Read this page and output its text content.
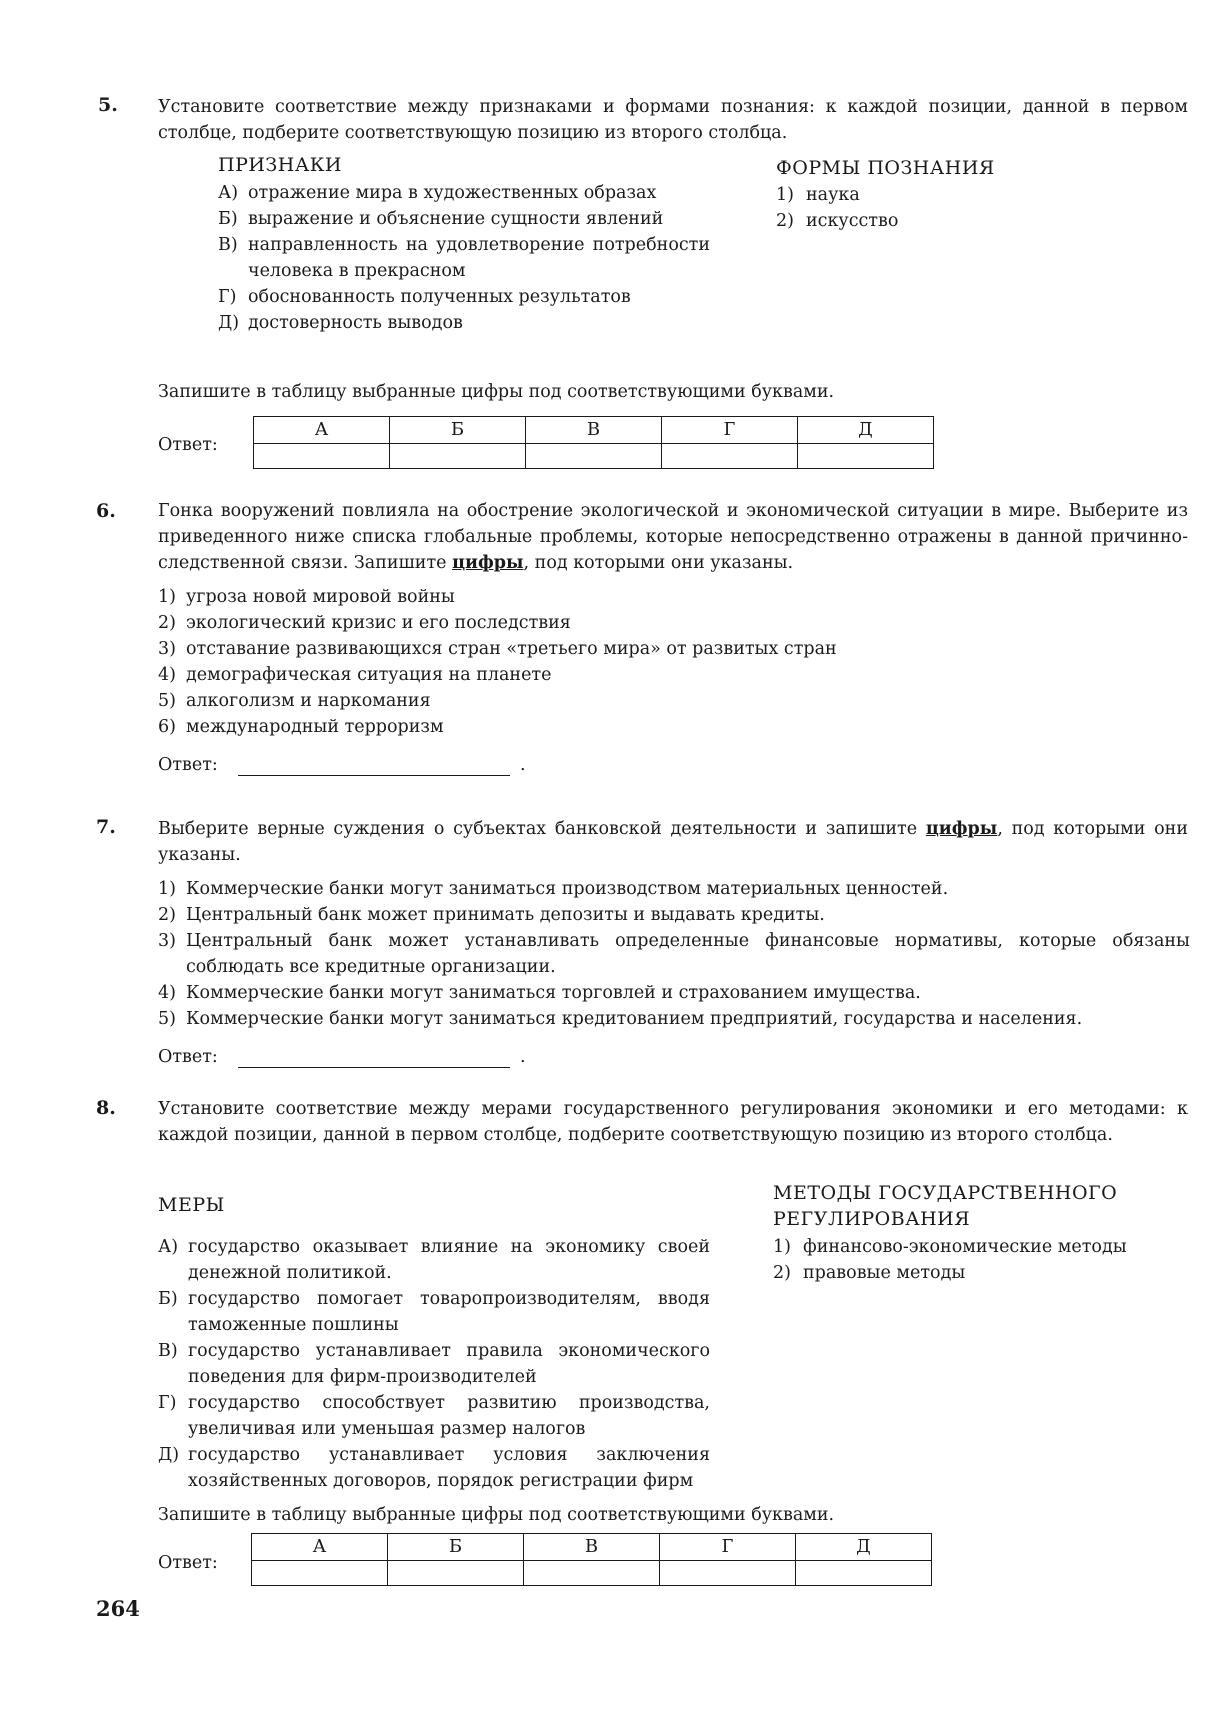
5. Установите соответствие между признаками и формами познания: к каждой позиции, данной в первом столбце, подберите соответствующую позицию из второго столбца.

ПРИЗНАКИ	ФОРМЫ ПОЗНАНИЯ

А) отражение мира в художественных образах

Б) выражение и объяснение сущности явлений

В) направленность на удовлетворение потребности человека в прекрасном

Г) обоснованность полученных результатов

Д) достоверность выводов

1) наука

2) искусство

Запишите в таблицу выбранные цифры под соответствующими буквами.
Ответ:
А	Б	В	Г	Д

6. Гонка вооружений повлияла на обострение экологической и экономической ситуации в мире. Выберите из приведенного ниже списка глобальные проблемы, которые непосредственно отражены в данной причинно-следственной связи. Запишите цифры, под которыми они указаны.

1) угроза новой мировой войны

2) экологический кризис и его последствия

3) отставание развивающихся стран «третьего мира» от развитых стран

4) демографическая ситуация на планете

5) алкоголизм и наркомания

6) международный терроризм

Ответ:	.
7. Выберите верные суждения о субъектах банковской деятельности и запишите цифры, под которыми они указаны.

1) Коммерческие банки могут заниматься производством материальных ценностей.

2) Центральный банк может принимать депозиты и выдавать кредиты.

3) Центральный банк может устанавливать определенные финансовые нормативы, которые обязаны соблюдать все кредитные организации.

4) Коммерческие банки могут заниматься торговлей и страхованием имущества.

5) Коммерческие банки могут заниматься кредитованием предприятий, государства и населения.

Ответ:	.
8. Установите соответствие между мерами государственного регулирования экономики и его методами: к каждой позиции, данной в первом столбце, подберите соответствующую позицию из второго столбца.

МЕРЫ
МЕТОДЫ ГОСУДАРСТВЕННОГО РЕГУЛИРОВАНИЯ

А) государство оказывает влияние на экономику своей денежной политикой.

Б) государство помогает товаропроизводителям, вводя таможенные пошлины

В) государство устанавливает правила экономического поведения для фирм-производителей

Г) государство способствует развитию производства, увеличивая или уменьшая размер налогов

Д) государство устанавливает условия заключения хозяйственных договоров, порядок регистрации фирм

1) финансово-экономические методы

2) правовые методы

Запишите в таблицу выбранные цифры под соответствующими буквами.
Ответ:
А	Б	В	Г	Д

264
